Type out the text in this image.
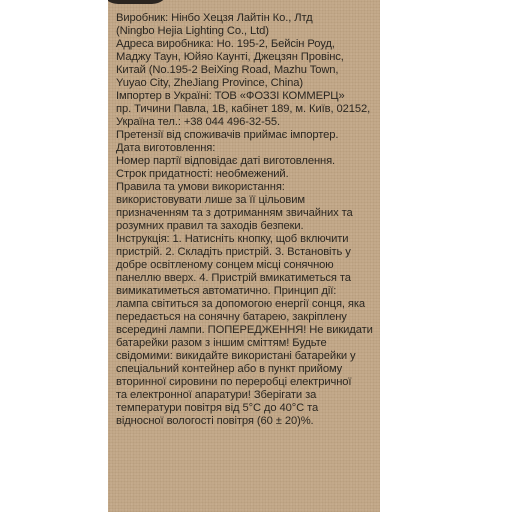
Виробник: Нінбо Хецзя Лайтін Ко., Лтд
(Ningbo Hejia Lighting Co., Ltd)
Адреса виробника: Но. 195-2, Бейсін Роуд,
Маджу Таун, Юйяо Каунті, Джецзян Провінс,
Китай (No.195-2 BeiXing Road, Mazhu Town,
Yuyao City, ZheJiang Province, China)
Імпортер в Україні: ТОВ «ФОЗЗІ КОММЕРЦ»
пр. Тичини Павла, 1В, кабінет 189, м. Київ, 02152,
Україна тел.: +38 044 496-32-55.
Претензії від споживачів приймає імпортер.
Дата виготовлення:
Номер партії відповідає даті виготовлення.
Строк придатності: необмежений.
Правила та умови використання:
використовувати лише за її цільовим
призначенням та з дотриманням звичайних та
розумних правил та заходів безпеки.
Інструкція: 1. Натисніть кнопку, щоб включити
пристрій. 2. Складіть пристрій. 3. Встановіть у
добре освітленому сонцем місці сонячною
панеллю вверх. 4. Пристрій вмикатиметься та
вимикатиметься автоматично. Принцип дії:
лампа світиться за допомогою енергії сонця, яка
передається на сонячну батарею, закріплену
всередині лампи. ПОПЕРЕДЖЕННЯ! Не викидати
батарейки разом з іншим сміттям! Будьте
свідомими: викидайте використані батарейки у
спеціальний контейнер або в пункт прийому
вторинної сировини по переробці електричної
та електронної апаратури! Зберігати за
температури повітря від 5°С до 40°С та
відносної вологості повітря (60 ± 20)%.
